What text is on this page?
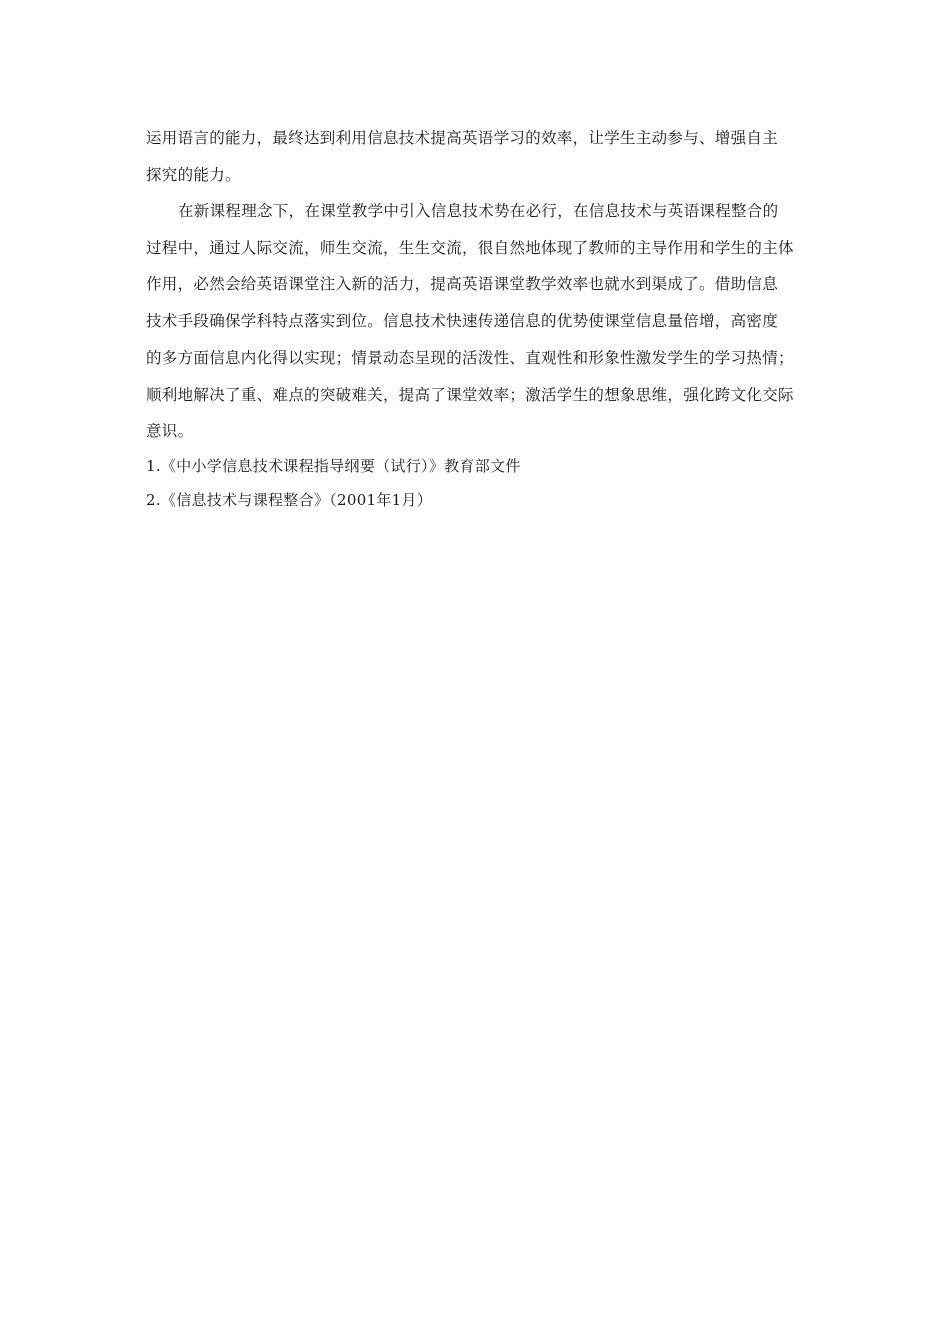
运用语言的能力，最终达到利用信息技术提高英语学习的效率，让学生主动参与、增强自主
探究的能力。
在新课程理念下，在课堂教学中引入信息技术势在必行，在信息技术与英语课程整合的
过程中，通过人际交流，师生交流，生生交流，很自然地体现了教师的主导作用和学生的主体
作用，必然会给英语课堂注入新的活力，提高英语课堂教学效率也就水到渠成了。借助信息
技术手段确保学科特点落实到位。信息技术快速传递信息的优势使课堂信息量倍增，高密度
的多方面信息内化得以实现；情景动态呈现的活泼性、直观性和形象性激发学生的学习热情；
顺利地解决了重、难点的突破难关，提高了课堂效率；激活学生的想象思维，强化跨文化交际
意识。
1.《中小学信息技术课程指导纲要（试行）》教育部文件
2.《信息技术与课程整合》（2001年1月）
